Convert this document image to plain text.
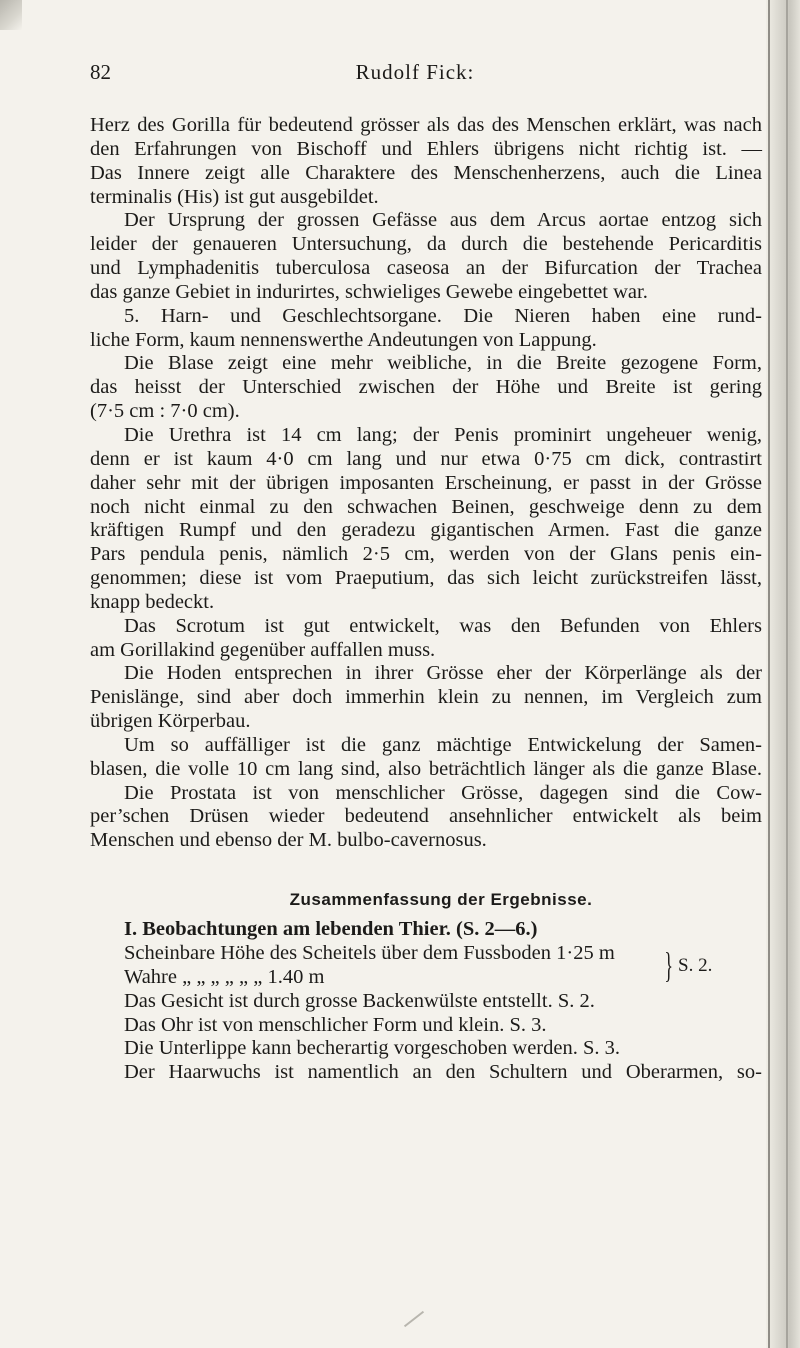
82	Rudolf Fick:
Herz des Gorilla für bedeutend grösser als das des Menschen erklärt, was nach
den Erfahrungen von Bischoff und Ehlers übrigens nicht richtig ist. —
Das Innere zeigt alle Charaktere des Menschenherzens, auch die Linea
terminalis (His) ist gut ausgebildet.
Der Ursprung der grossen Gefässe aus dem Arcus aortae entzog sich
leider der genaueren Untersuchung, da durch die bestehende Pericarditis
und Lymphadenitis tuberculosa caseosa an der Bifurcation der Trachea
das ganze Gebiet in indurirtes, schwieliges Gewebe eingebettet war.
5. Harn- und Geschlechtsorgane. Die Nieren haben eine rund-
liche Form, kaum nennenswerthe Andeutungen von Lappung.
Die Blase zeigt eine mehr weibliche, in die Breite gezogene Form,
das heisst der Unterschied zwischen der Höhe und Breite ist gering
(7·5 cm : 7·0 cm).
Die Urethra ist 14 cm lang; der Penis prominirt ungeheuer wenig,
denn er ist kaum 4·0 cm lang und nur etwa 0·75 cm dick, contrastirt
daher sehr mit der übrigen imposanten Erscheinung, er passt in der Grösse
noch nicht einmal zu den schwachen Beinen, geschweige denn zu dem
kräftigen Rumpf und den geradezu gigantischen Armen. Fast die ganze
Pars pendula penis, nämlich 2·5 cm, werden von der Glans penis ein-
genommen; diese ist vom Praeputium, das sich leicht zurückstreifen lässt,
knapp bedeckt.
Das Scrotum ist gut entwickelt, was den Befunden von Ehlers
am Gorillakind gegenüber auffallen muss.
Die Hoden entsprechen in ihrer Grösse eher der Körperlänge als der
Penislänge, sind aber doch immerhin klein zu nennen, im Vergleich zum
übrigen Körperbau.
Um so auffälliger ist die ganz mächtige Entwickelung der Samen-
blasen, die volle 10 cm lang sind, also beträchtlich länger als die ganze Blase.
Die Prostata ist von menschlicher Grösse, dagegen sind die Cow-
per’schen Drüsen wieder bedeutend ansehnlicher entwickelt als beim
Menschen und ebenso der M. bulbo-cavernosus.
Zusammenfassung der Ergebnisse.
I. Beobachtungen am lebenden Thier. (S. 2—6.)
Scheinbare Höhe des Scheitels über dem Fussboden 1·25 m
Wahre „ „ „ „ „ „ 1.40 m	} S. 2.
Das Gesicht ist durch grosse Backenwülste entstellt. S. 2.
Das Ohr ist von menschlicher Form und klein. S. 3.
Die Unterlippe kann becherartig vorgeschoben werden. S. 3.
Der Haarwuchs ist namentlich an den Schultern und Oberarmen, so-
